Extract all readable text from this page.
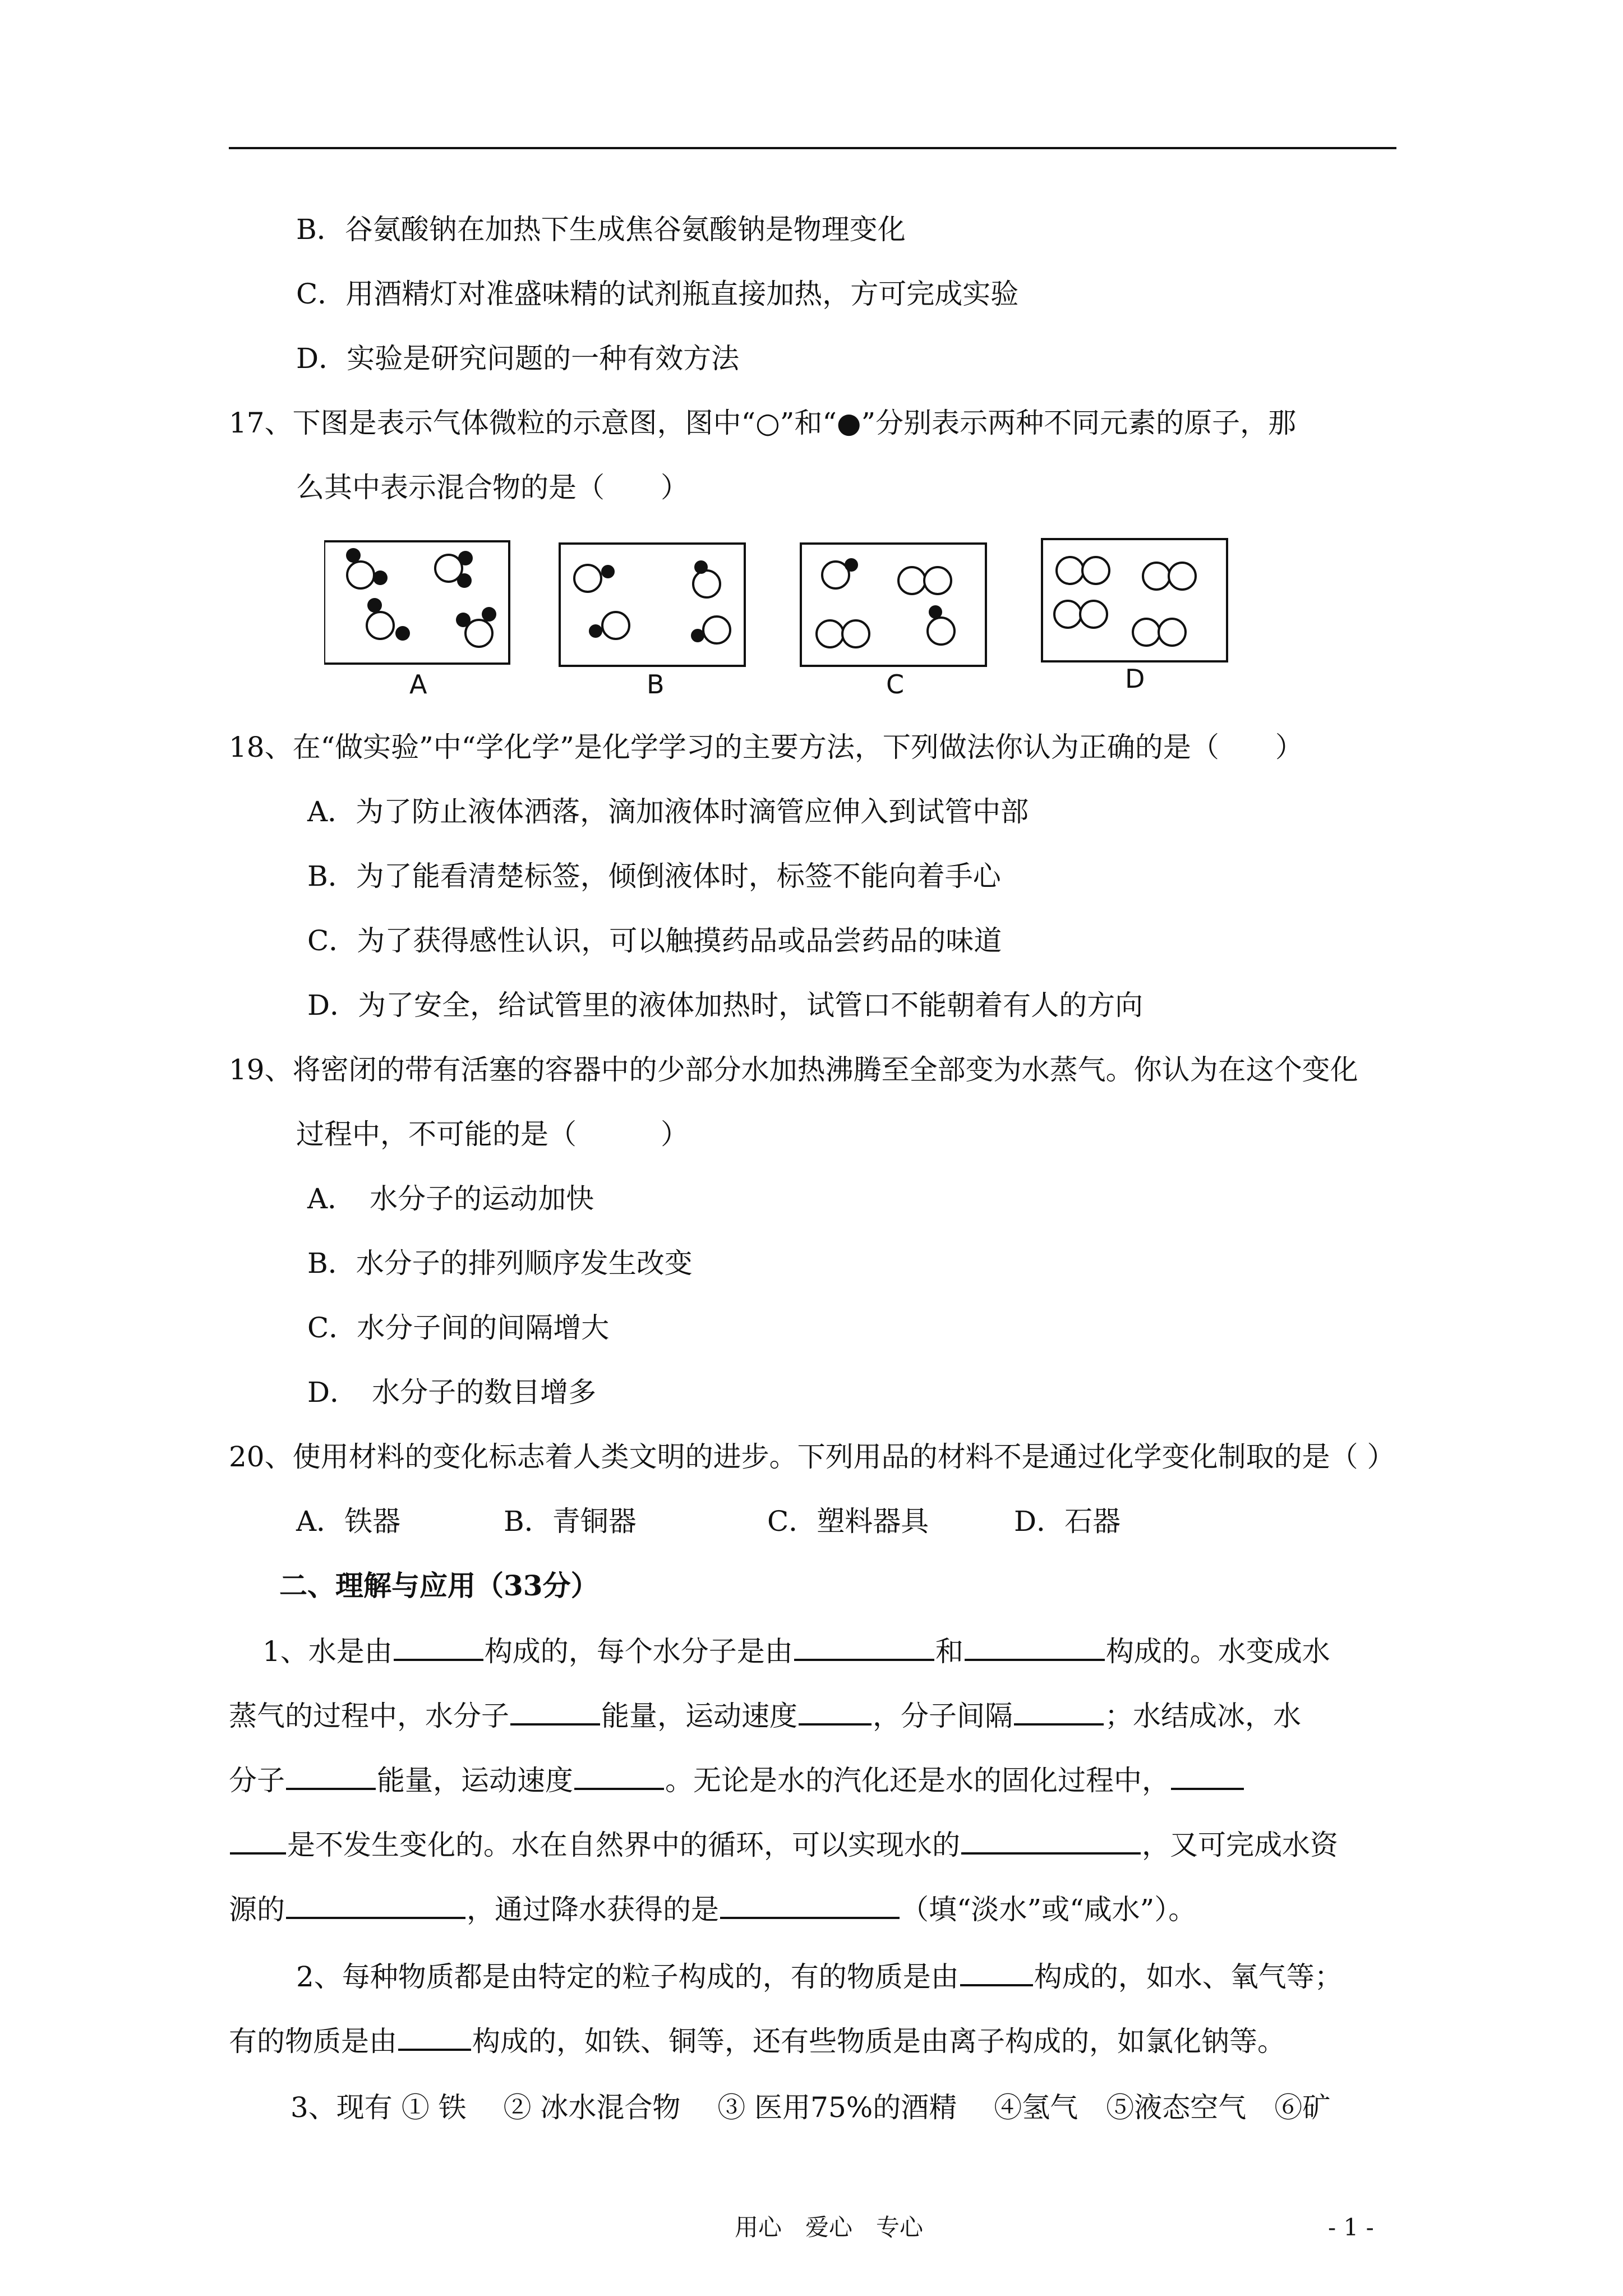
B．谷氨酸钠在加热下生成焦谷氨酸钠是物理变化
C．用酒精灯对准盛味精的试剂瓶直接加热，方可完成实验
D．实验是研究问题的一种有效方法
17、下图是表示气体微粒的示意图，图中“○”和“●”分别表示两种不同元素的原子，那
么其中表示混合物的是（　　）
A	B	C	D
18、在“做实验”中“学化学”是化学学习的主要方法，下列做法你认为正确的是（　　）
A．为了防止液体洒落，滴加液体时滴管应伸入到试管中部
B．为了能看清楚标签，倾倒液体时，标签不能向着手心
C．为了获得感性认识，可以触摸药品或品尝药品的味道
D．为了安全，给试管里的液体加热时，试管口不能朝着有人的方向
19、将密闭的带有活塞的容器中的少部分水加热沸腾至全部变为水蒸气。你认为在这个变化
过程中，不可能的是（　　　）
A．　水分子的运动加快
B．水分子的排列顺序发生改变
C．水分子间的间隔增大
D．　水分子的数目增多
20、使用材料的变化标志着人类文明的进步。下列用品的材料不是通过化学变化制取的是（ ）
A．铁器	B．青铜器	C．塑料器具	D．石器
二、理解与应用（33分）
1、水是由	构成的，每个水分子是由	和	构成的。水变成水
蒸气的过程中，水分子	能量，运动速度	，分子间隔	；水结成冰，水
分子	能量，运动速度	。无论是水的汽化还是水的固化过程中，
是不发生变化的。水在自然界中的循环，可以实现水的	，又可完成水资
源的	，通过降水获得的是	（填“淡水”或“咸水”）。
2、每种物质都是由特定的粒子构成的，有的物质是由	构成的，如水、氧气等；
有的物质是由	构成的，如铁、铜等，还有些物质是由离子构成的，如氯化钠等。
3、现有 ① 铁　 ② 冰水混合物　 ③ 医用75%的酒精　 ④氢气　⑤液态空气　⑥矿
用心　爱心　专心	- 1 -
